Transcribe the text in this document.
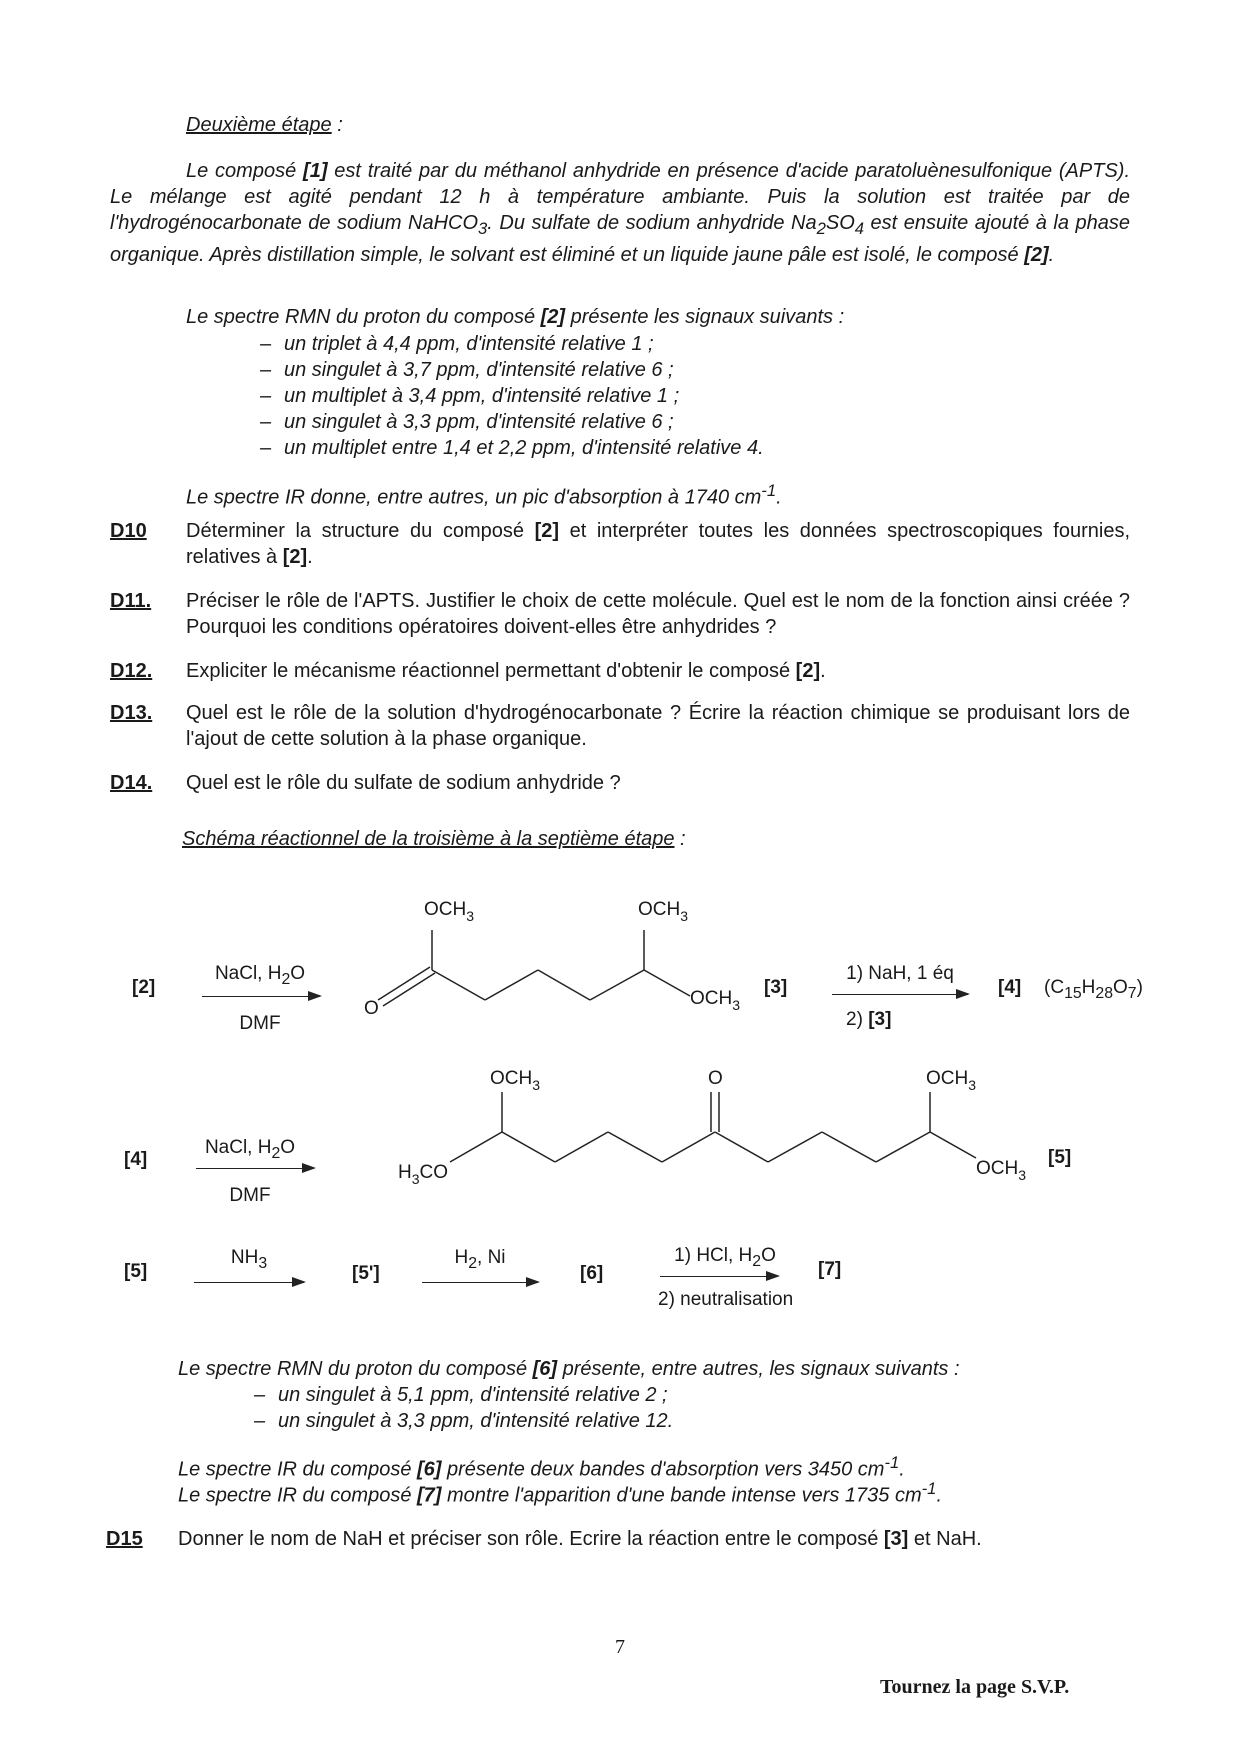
Deuxième étape :
Le composé [1] est traité par du méthanol anhydride en présence d'acide paratoluènesulfonique (APTS). Le mélange est agité pendant 12 h à température ambiante. Puis la solution est traitée par de l'hydrogénocarbonate de sodium NaHCO$_3$. Du sulfate de sodium anhydride $Na_2SO_4$ est ensuite ajouté à la phase organique. Après distillation simple, le solvant est éliminé et un liquide jaune pâle est isolé, le composé [2].
Le spectre RMN du proton du composé [2] présente les signaux suivants :
– un triplet à 4,4 ppm, d'intensité relative 1 ;
– un singulet à 3,7 ppm, d'intensité relative 6 ;
– un multiplet à 3,4 ppm, d'intensité relative 1 ;
– un singulet à 3,3 ppm, d'intensité relative 6 ;
– un multiplet entre 1,4 et 2,2 ppm, d'intensité relative 4.
Le spectre IR donne, entre autres, un pic d'absorption à 1740 $cm^{-1}$.
D10 Déterminer la structure du composé [2] et interpréter toutes les données spectroscopiques fournies, relatives à [2].
D11. Préciser le rôle de l'APTS. Justifier le choix de cette molécule. Quel est le nom de la fonction ainsi créée ? Pourquoi les conditions opératoires doivent-elles être anhydrides ?
D12. Expliciter le mécanisme réactionnel permettant d'obtenir le composé [2].
D13. Quel est le rôle de la solution d'hydrogénocarbonate ? Écrire la réaction chimique se produisant lors de l'ajout de cette solution à la phase organique.
D14. Quel est le rôle du sulfate de sodium anhydride ?
Schéma réactionnel de la troisième à la septième étape :
[2]
NaCl, $H_2O$
DMF
$OCH_3$	$OCH_3$
$OCH_3$
O
[3]
1) NaH, 1 éq
2) [3]
[4] $(C_{15}H_{28}O_7)$
[4]
NaCl, $H_2O$
DMF
$OCH_3$	O	$OCH_3$
$H_3CO$	$OCH_3$
[5]
[5]
$NH_3$	[5']
$H_2$, Ni
[6]
1) HCl, $H_2O$
2) neutralisation
[7]
Le spectre RMN du proton du composé [6] présente, entre autres, les signaux suivants :
– un singulet à 5,1 ppm, d'intensité relative 2 ;
– un singulet à 3,3 ppm, d'intensité relative 12.
Le spectre IR du composé [6] présente deux bandes d'absorption vers 3450 $cm^{-1}$.
Le spectre IR du composé [7] montre l'apparition d'une bande intense vers 1735 $cm^{-1}$.
D15 Donner le nom de NaH et préciser son rôle. Ecrire la réaction entre le composé [3] et NaH.
7
Tournez la page S.V.P.
